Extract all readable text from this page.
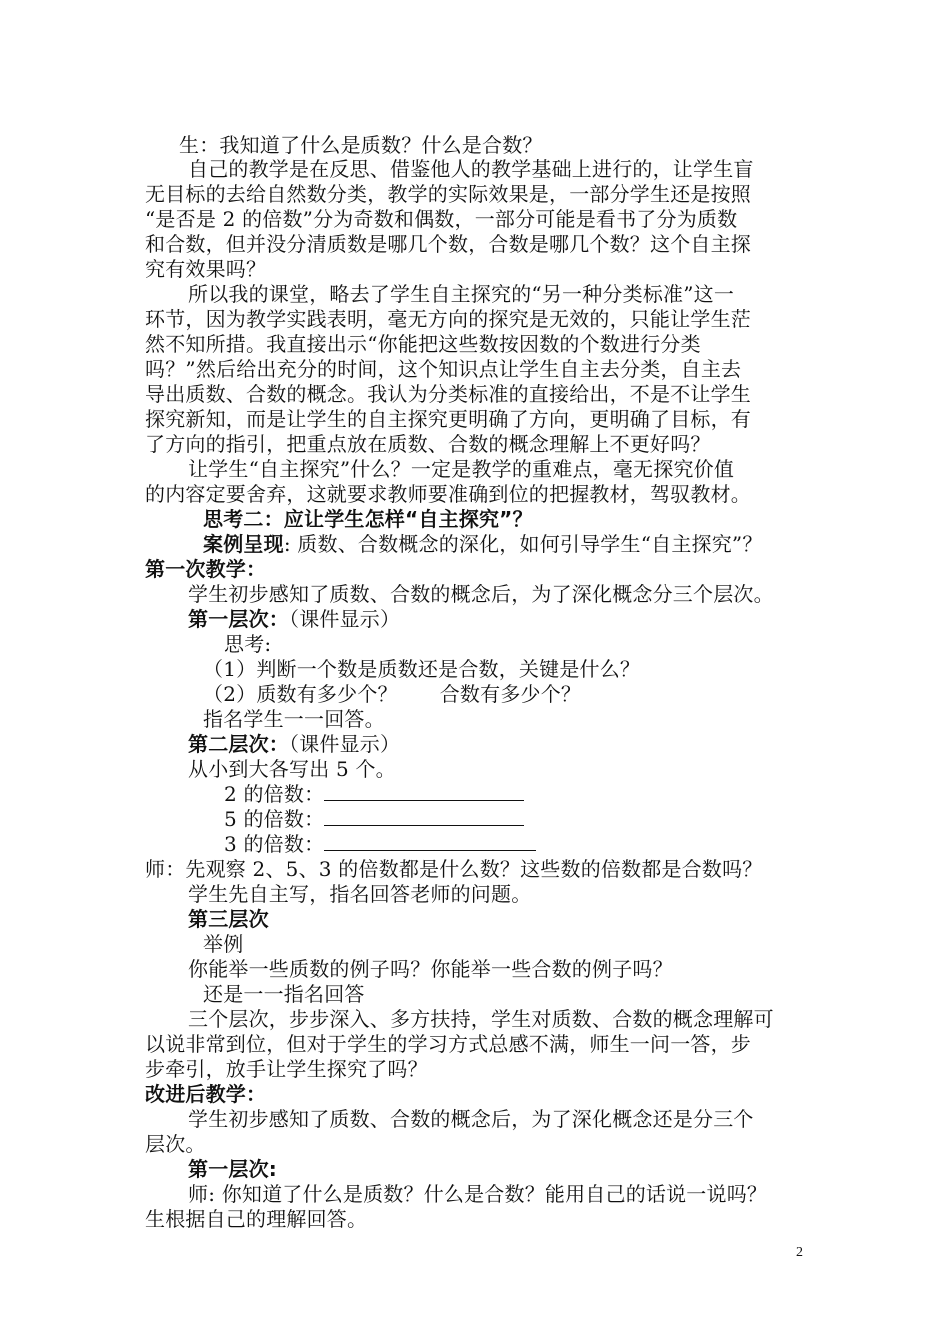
生：我知道了什么是质数？什么是合数？
自己的教学是在反思、借鉴他人的教学基础上进行的，让学生盲
无目标的去给自然数分类，教学的实际效果是，一部分学生还是按照
“是否是 2 的倍数”分为奇数和偶数，一部分可能是看书了分为质数
和合数，但并没分清质数是哪几个数，合数是哪几个数？这个自主探
究有效果吗？
所以我的课堂，略去了学生自主探究的“另一种分类标准”这一
环节，因为教学实践表明，毫无方向的探究是无效的，只能让学生茫
然不知所措。我直接出示“你能把这些数按因数的个数进行分类
吗？”然后给出充分的时间，这个知识点让学生自主去分类，自主去
导出质数、合数的概念。我认为分类标准的直接给出，不是不让学生
探究新知，而是让学生的自主探究更明确了方向，更明确了目标，有
了方向的指引，把重点放在质数、合数的概念理解上不更好吗？
让学生“自主探究”什么？一定是教学的重难点，毫无探究价值
的内容定要舍弃，这就要求教师要准确到位的把握教材，驾驭教材。
思考二：应让学生怎样“自主探究”？
案例呈现: 质数、合数概念的深化，如何引导学生“自主探究”？
第一次教学：
学生初步感知了质数、合数的概念后，为了深化概念分三个层次。
第一层次：（课件显示）
思考:
（1）判断一个数是质数还是合数，关键是什么？
（2）质数有多少个？ 合数有多少个？
指名学生一一回答。
第二层次：（课件显示）
从小到大各写出 5 个。
2 的倍数：
5 的倍数：
3 的倍数：
师：先观察 2、5、3 的倍数都是什么数？这些数的倍数都是合数吗？
学生先自主写，指名回答老师的问题。
第三层次
举例
你能举一些质数的例子吗？你能举一些合数的例子吗？
还是一一指名回答
三个层次，步步深入、多方扶持，学生对质数、合数的概念理解可
以说非常到位，但对于学生的学习方式总感不满，师生一问一答，步
步牵引，放手让学生探究了吗？
改进后教学：
学生初步感知了质数、合数的概念后，为了深化概念还是分三个
层次。
第一层次:
师: 你知道了什么是质数？什么是合数？能用自己的话说一说吗？
生根据自己的理解回答。
2
